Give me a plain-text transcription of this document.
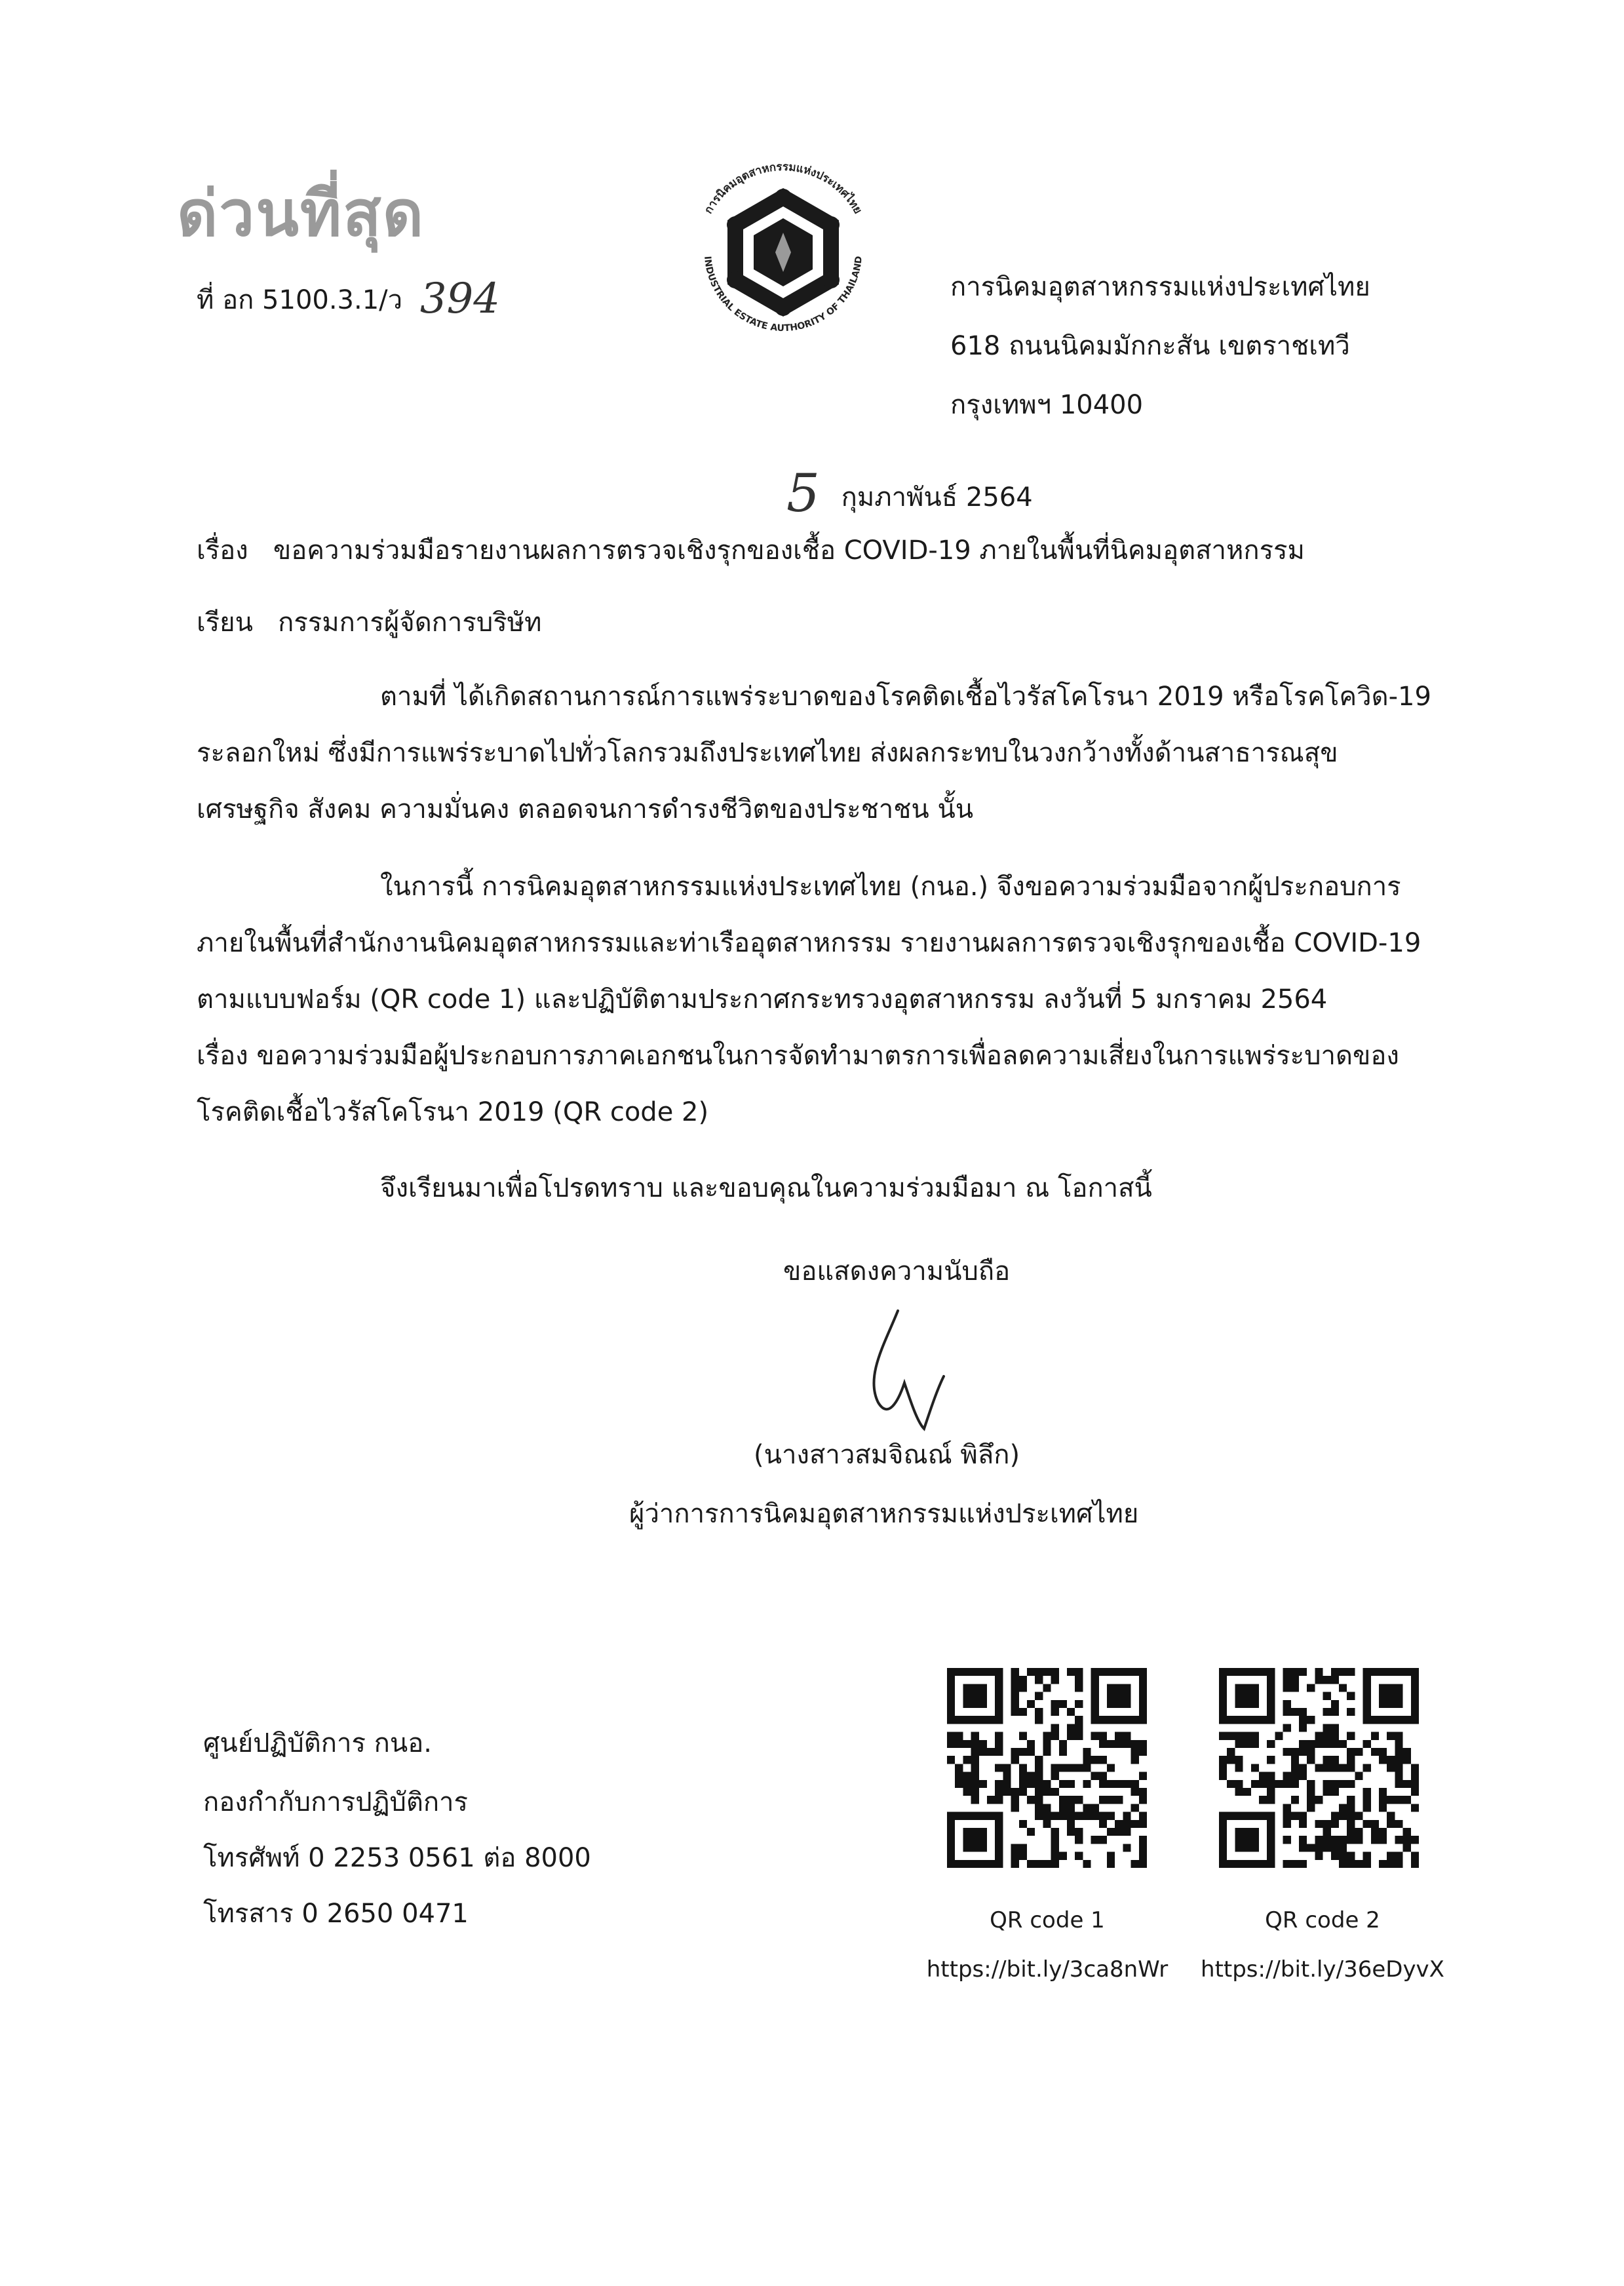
ด่วนที่สุด
ที่ อก 5100.3.1/ว 394
การนิคมอุตสาหกรรมแห่งประเทศไทย
INDUSTRIAL ESTATE AUTHORITY OF THAILAND
การนิคมอุตสาหกรรมแห่งประเทศไทย
618 ถนนนิคมมักกะสัน เขตราชเทวี
กรุงเทพฯ 10400
5 กุมภาพันธ์ 2564
เรื่อง ขอความร่วมมือรายงานผลการตรวจเชิงรุกของเชื้อ COVID-19 ภายในพื้นที่นิคมอุตสาหกรรม
เรียน กรรมการผู้จัดการบริษัท
ตามที่ ได้เกิดสถานการณ์การแพร่ระบาดของโรคติดเชื้อไวรัสโคโรนา 2019 หรือโรคโควิด-19
ระลอกใหม่ ซึ่งมีการแพร่ระบาดไปทั่วโลกรวมถึงประเทศไทย ส่งผลกระทบในวงกว้างทั้งด้านสาธารณสุข
เศรษฐกิจ สังคม ความมั่นคง ตลอดจนการดำรงชีวิตของประชาชน นั้น
ในการนี้ การนิคมอุตสาหกรรมแห่งประเทศไทย (กนอ.) จึงขอความร่วมมือจากผู้ประกอบการ
ภายในพื้นที่สำนักงานนิคมอุตสาหกรรมและท่าเรืออุตสาหกรรม รายงานผลการตรวจเชิงรุกของเชื้อ COVID-19
ตามแบบฟอร์ม (QR code 1) และปฏิบัติตามประกาศกระทรวงอุตสาหกรรม ลงวันที่ 5 มกราคม 2564
เรื่อง ขอความร่วมมือผู้ประกอบการภาคเอกชนในการจัดทำมาตรการเพื่อลดความเสี่ยงในการแพร่ระบาดของ
โรคติดเชื้อไวรัสโคโรนา 2019 (QR code 2)
จึงเรียนมาเพื่อโปรดทราบ และขอบคุณในความร่วมมือมา ณ โอกาสนี้
ขอแสดงความนับถือ
(นางสาวสมจิณณ์ พิลึก)
ผู้ว่าการการนิคมอุตสาหกรรมแห่งประเทศไทย
ศูนย์ปฏิบัติการ กนอ.
กองกำกับการปฏิบัติการ
โทรศัพท์ 0 2253 0561 ต่อ 8000
โทรสาร 0 2650 0471	QR code 1
https://bit.ly/3ca8nWr
QR code 2
https://bit.ly/36eDyvX
